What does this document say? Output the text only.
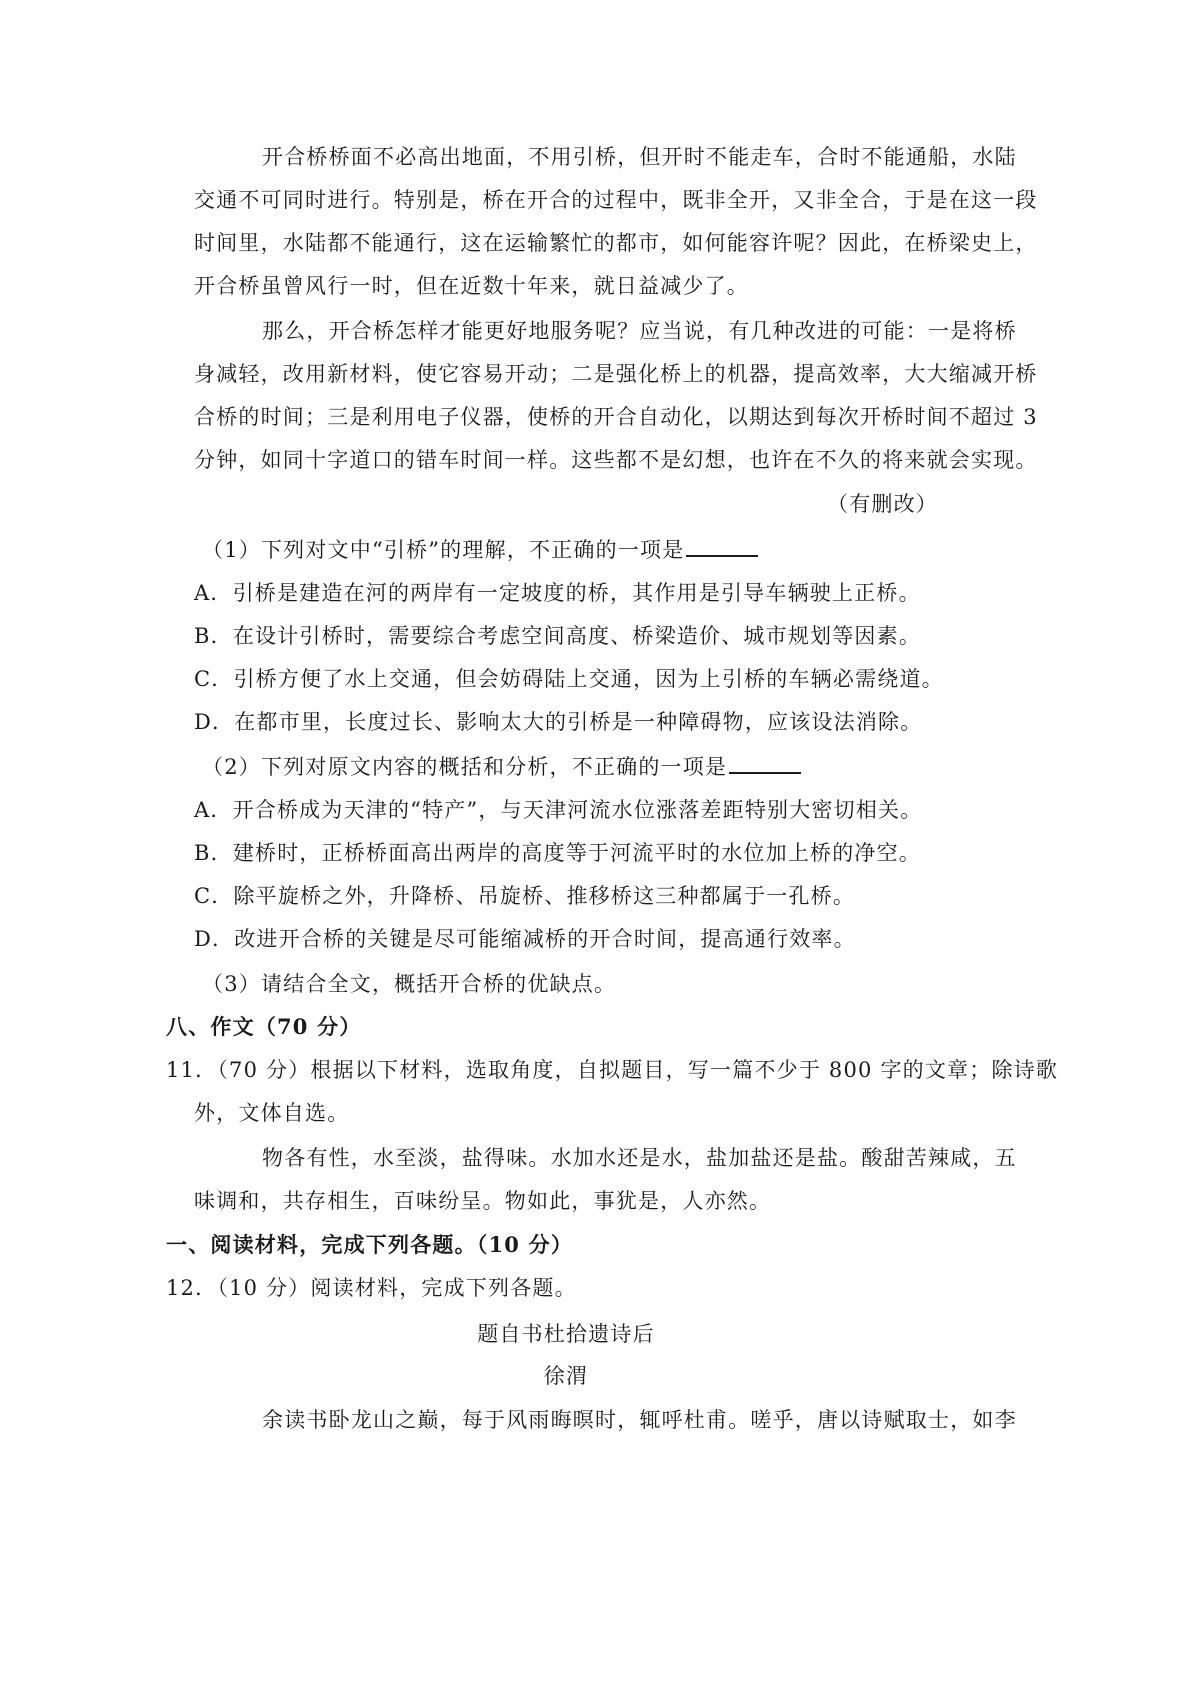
开合桥桥面不必高出地面，不用引桥，但开时不能走车，合时不能通船，水陆

交通不可同时进行。特别是，桥在开合的过程中，既非全开，又非全合，于是在这一段

时间里，水陆都不能通行，这在运输繁忙的都市，如何能容许呢？因此，在桥梁史上，

开合桥虽曾风行一时，但在近数十年来，就日益减少了。

那么，开合桥怎样才能更好地服务呢？应当说，有几种改进的可能：一是将桥

身减轻，改用新材料，使它容易开动；二是强化桥上的机器，提高效率，大大缩减开桥

合桥的时间；三是利用电子仪器，使桥的开合自动化，以期达到每次开桥时间不超过 3

分钟，如同十字道口的错车时间一样。这些都不是幻想，也许在不久的将来就会实现。

（有删改）

（1）下列对文中“引桥”的理解，不正确的一项是

A．引桥是建造在河的两岸有一定坡度的桥，其作用是引导车辆驶上正桥。

B．在设计引桥时，需要综合考虑空间高度、桥梁造价、城市规划等因素。

C．引桥方便了水上交通，但会妨碍陆上交通，因为上引桥的车辆必需绕道。

D．在都市里，长度过长、影响太大的引桥是一种障碍物，应该设法消除。

（2）下列对原文内容的概括和分析，不正确的一项是

A．开合桥成为天津的“特产”，与天津河流水位涨落差距特别大密切相关。

B．建桥时，正桥桥面高出两岸的高度等于河流平时的水位加上桥的净空。

C．除平旋桥之外，升降桥、吊旋桥、推移桥这三种都属于一孔桥。

D．改进开合桥的关键是尽可能缩减桥的开合时间，提高通行效率。

（3）请结合全文，概括开合桥的优缺点。

八、作文（70 分）

11．（70 分）根据以下材料，选取角度，自拟题目，写一篇不少于 800 字的文章；除诗歌

外，文体自选。

物各有性，水至淡，盐得味。水加水还是水，盐加盐还是盐。酸甜苦辣咸，五

味调和，共存相生，百味纷呈。物如此，事犹是，人亦然。

一、阅读材料，完成下列各题。（10 分）

12．（10 分）阅读材料，完成下列各题。

题自书杜拾遗诗后

徐渭

余读书卧龙山之巅，每于风雨晦暝时，辄呼杜甫。嗟乎，唐以诗赋取士，如李
